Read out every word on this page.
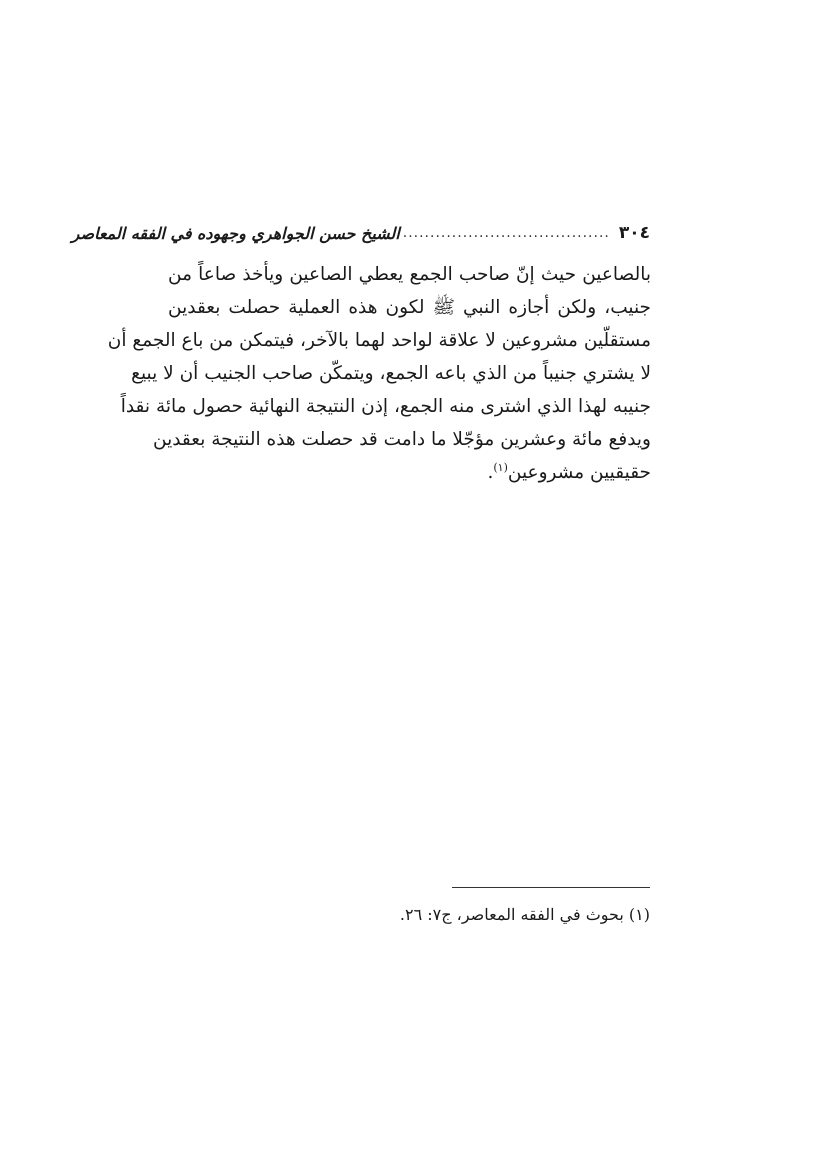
٣٠٤
......................................
الشيخ حسن الجواهري وجهوده في الفقه المعاصر
بالصاعين حيث إنّ صاحب الجمع يعطي الصاعين ويأخذ صاعاً من
جنيب، ولكن أجازه النبي ﷺ لكون هذه العملية حصلت بعقدين
مستقلّين مشروعين لا علاقة لواحد لهما بالآخر، فيتمكن من باع الجمع أن
لا يشتري جنيباً من الذي باعه الجمع، ويتمكّن صاحب الجنيب أن لا يبيع
جنيبه لهذا الذي اشترى منه الجمع، إذن النتيجة النهائية حصول مائة نقداً
ويدفع مائة وعشرين مؤجّلا ما دامت قد حصلت هذه النتيجة بعقدين
حقيقيين مشروعين$^{(١)}$.
(١) بحوث في الفقه المعاصر، ج٧: ٢٦.
